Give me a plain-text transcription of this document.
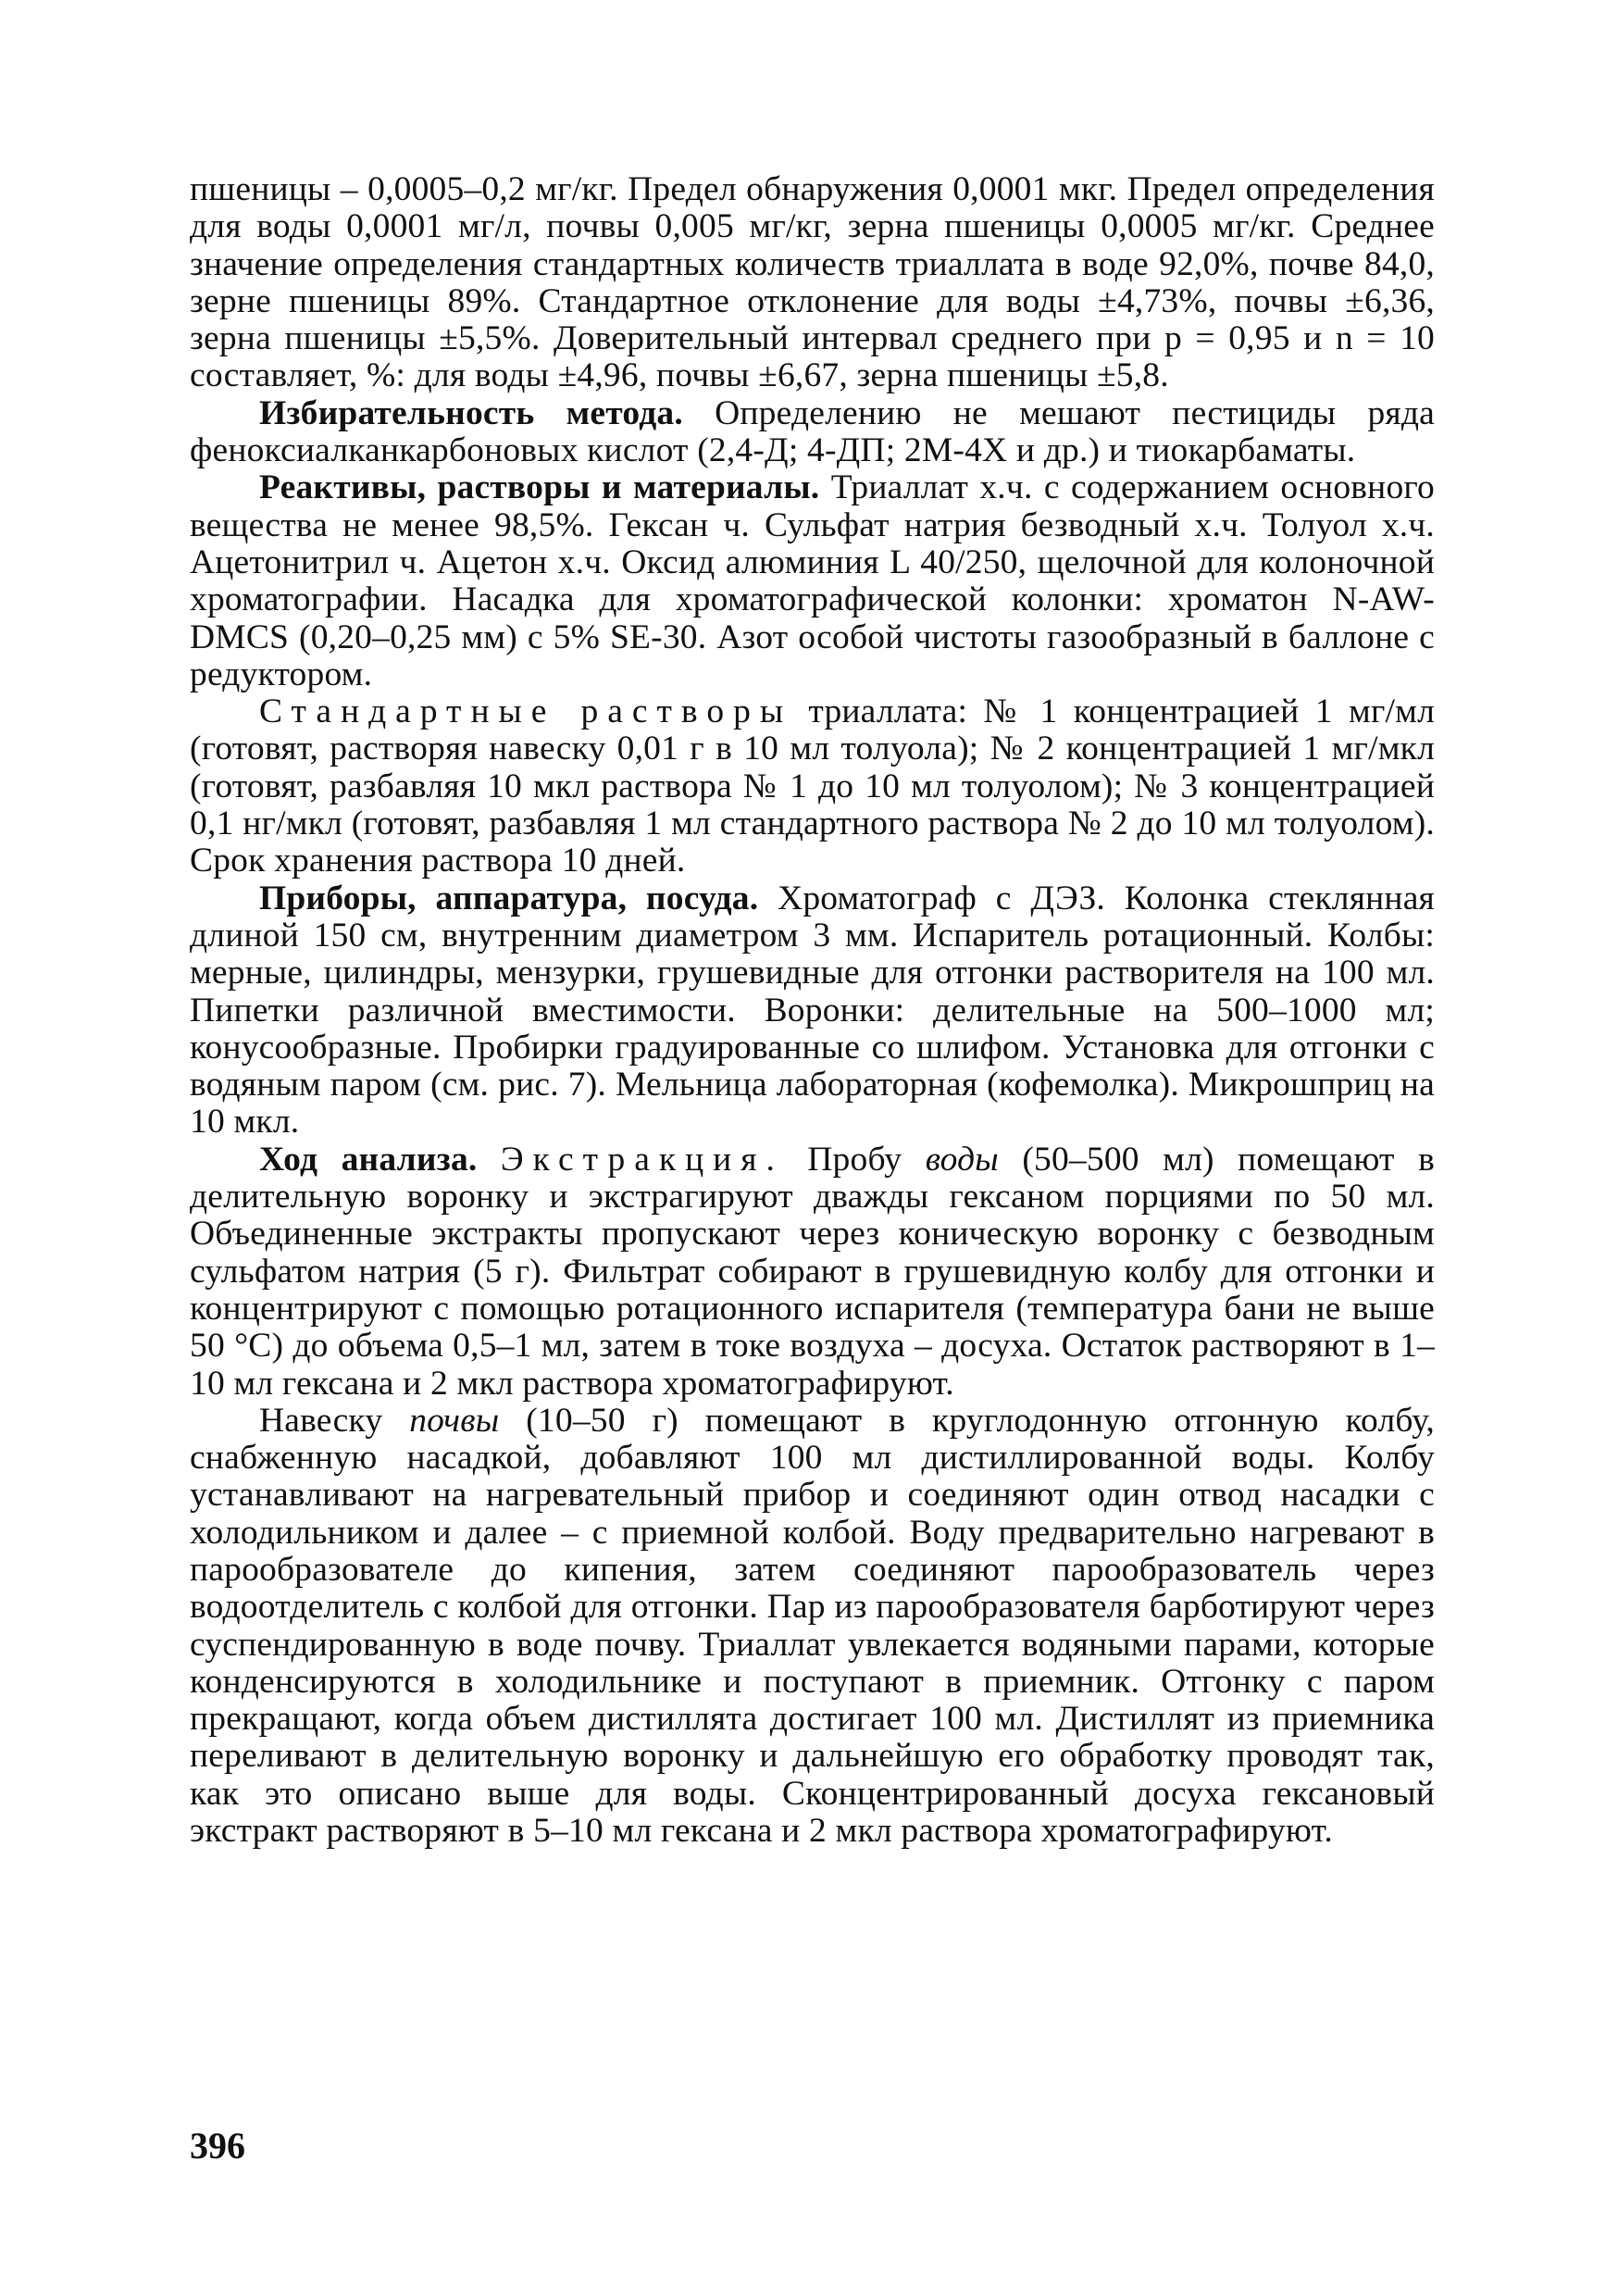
пшеницы – 0,0005–0,2 мг/кг. Предел обнаружения 0,0001 мкг. Предел определения для воды 0,0001 мг/л, почвы 0,005 мг/кг, зерна пшеницы 0,0005 мг/кг. Среднее значение определения стандартных количеств триаллата в воде 92,0%, почве 84,0, зерне пшеницы 89%. Стандартное отклонение для воды ±4,73%, почвы ±6,36, зерна пшеницы ±5,5%. Доверительный интервал среднего при р = 0,95 и n = 10 составляет, %: для воды ±4,96, почвы ±6,67, зерна пшеницы ±5,8.

Избирательность метода. Определению не мешают пестициды ряда феноксиалканкарбоновых кислот (2,4-Д; 4-ДП; 2М-4Х и др.) и тиокарбаматы.

Реактивы, растворы и материалы. Триаллат х.ч. с содержанием основного вещества не менее 98,5%. Гексан ч. Сульфат натрия безводный х.ч. Толуол х.ч. Ацетонитрил ч. Ацетон х.ч. Оксид алюминия L 40/250, щелочной для колоночной хроматографии. Насадка для хроматографической колонки: хроматон N-AW-DMCS (0,20–0,25 мм) с 5% SE-30. Азот особой чистоты газообразный в баллоне с редуктором.

Стандартные растворы триаллата: № 1 концентрацией 1 мг/мл (готовят, растворяя навеску 0,01 г в 10 мл толуола); № 2 концентрацией 1 мг/мкл (готовят, разбавляя 10 мкл раствора № 1 до 10 мл толуолом); № 3 концентрацией 0,1 нг/мкл (готовят, разбавляя 1 мл стандартного раствора № 2 до 10 мл толуолом). Срок хранения раствора 10 дней.

Приборы, аппаратура, посуда. Хроматограф с ДЭЗ. Колонка стеклянная длиной 150 см, внутренним диаметром 3 мм. Испаритель ротационный. Колбы: мерные, цилиндры, мензурки, грушевидные для отгонки растворителя на 100 мл. Пипетки различной вместимости. Воронки: делительные на 500–1000 мл; конусообразные. Пробирки градуированные со шлифом. Установка для отгонки с водяным паром (см. рис. 7). Мельница лабораторная (кофемолка). Микрошприц на 10 мкл.

Ход анализа. Экстракция. Пробу воды (50–500 мл) помещают в делительную воронку и экстрагируют дважды гексаном порциями по 50 мл. Объединенные экстракты пропускают через коническую воронку с безводным сульфатом натрия (5 г). Фильтрат собирают в грушевидную колбу для отгонки и концентрируют с помощью ротационного испарителя (температура бани не выше 50 °С) до объема 0,5–1 мл, затем в токе воздуха – досуха. Остаток растворяют в 1–10 мл гексана и 2 мкл раствора хроматографируют.

Навеску почвы (10–50 г) помещают в круглодонную отгонную колбу, снабженную насадкой, добавляют 100 мл дистиллированной воды. Колбу устанавливают на нагревательный прибор и соединяют один отвод насадки с холодильником и далее – с приемной колбой. Воду предварительно нагревают в парообразователе до кипения, затем соединяют парообразователь через водоотделитель с колбой для отгонки. Пар из парообразователя барботируют через суспендированную в воде почву. Триаллат увлекается водяными парами, которые конденсируются в холодильнике и поступают в приемник. Отгонку с паром прекращают, когда объем дистиллята достигает 100 мл. Дистиллят из приемника переливают в делительную воронку и дальнейшую его обработку проводят так, как это описано выше для воды. Сконцентрированный досуха гексановый экстракт растворяют в 5–10 мл гексана и 2 мкл раствора хроматографируют.

396
